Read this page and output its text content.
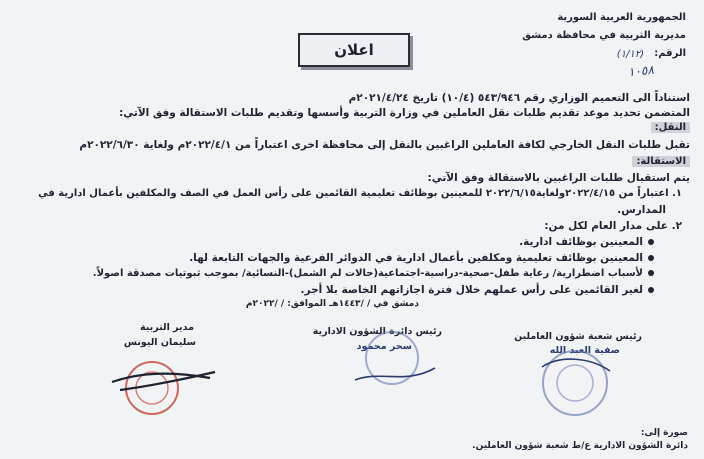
الجمهورية العربية السورية
مديرية التربية في محافظة دمشق
الرقم:
(١/١٢)
١٠٥٨
اعلان
استناداً الى التعميم الوزاري رقم ٥٤٣/٩٤٦ (١٠/٤) تاريخ ٢٠٢١/٤/٢٤م
المتضمن تحديد موعد تقديم طلبات نقل العاملين في وزارة التربية وأسسها وتقديم طلبات الاستقالة وفق الآتي:
النقل:
تقبل طلبات النقل الخارجي لكافة العاملين الراغبين بالنقل إلى محافظة اخرى اعتباراً من ٢٠٢٢/٤/١م ولغاية ٢٠٢٢/٦/٣٠م
الاستقالة:
يتم استقبال طلبات الراغبين بالاستقالة وفق الآتي:
١. اعتباراً من ٢٠٢٢/٤/١٥ولغاية٢٠٢٢/٦/١٥ للمعينين بوظائف تعليمية القائمين على رأس العمل في الصف والمكلفين بأعمال ادارية في
المدارس.
٢. على مدار العام لكل من:
المعينين بوظائف ادارية.
المعينين بوظائف تعليمية ومكلفين بأعمال ادارية في الدوائر الفرعية والجهات التابعة لها.
لأسباب اضطرارية/ رعاية طفل-صحية-دراسية-اجتماعية(حالات لم الشمل)-النسائية/ بموجب ثبوتيات مصدقة اصولاً.
لغير القائمين على رأس عملهم خلال فترة اجازاتهم الخاصة بلا أجر.
دمشق في / /١٤٤٣هـ الموافق: / /٢٠٢٢م
مدير التربية
سليمان اليونس
رئيس دائرة الشؤون الادارية
سحر محمود
رئيس شعبة شؤون العاملين
صفية العبد الله
صورة إلى:
دائرة الشؤون الادارية ع/ط شعبة شؤون العاملين.
